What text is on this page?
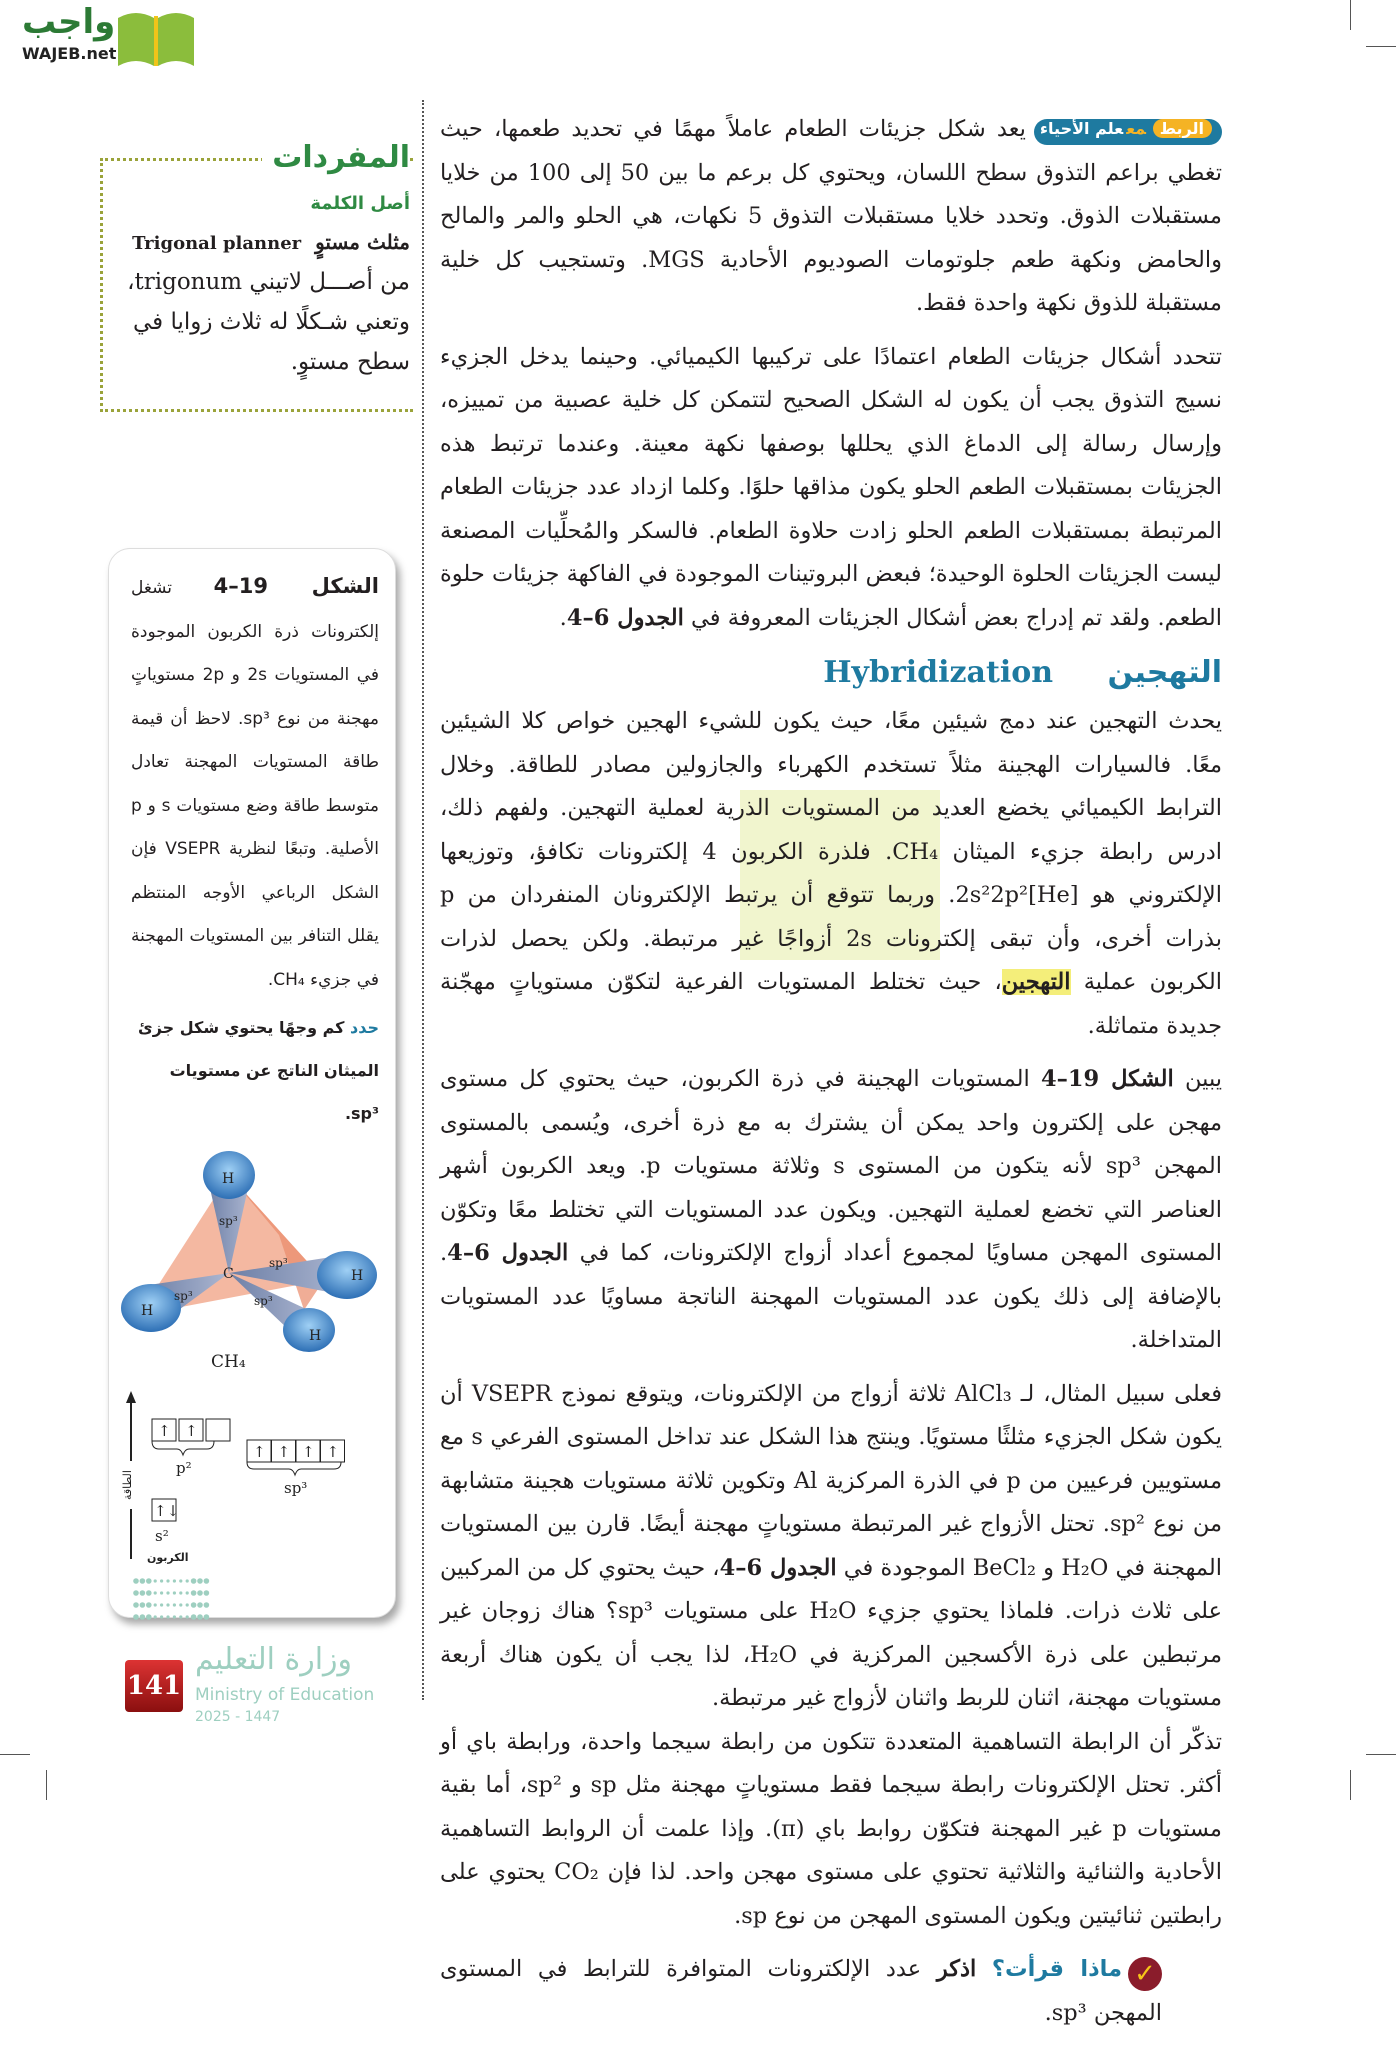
واجب
WAJEB.net
المفردات
أصل الكلمة
مثلث مستوٍ  Trigonal planner
من أصـــل لاتيني trigonum، وتعني شـكلًا له ثلاث زوايا في سطح مستوٍ.

الربطمععلم الأحياءيعد شكل جزيئات الطعام عاملاً مهمًا في تحديد طعمها، حيث تغطي براعم التذوق سطح اللسان، ويحتوي كل برعم ما بين 50 إلى 100 من خلايا مستقبلات الذوق. وتحدد خلايا مستقبلات التذوق 5 نكهات، هي الحلو والمر والمالح والحامض ونكهة طعم جلوتومات الصوديوم الأحادية MGS. وتستجيب كل خلية مستقبلة للذوق نكهة واحدة فقط.

تتحدد أشكال جزيئات الطعام اعتمادًا على تركيبها الكيميائي. وحينما يدخل الجزيء نسيج التذوق يجب أن يكون له الشكل الصحيح لتتمكن كل خلية عصبية من تمييزه، وإرسال رسالة إلى الدماغ الذي يحللها بوصفها نكهة معينة. وعندما ترتبط هذه الجزيئات بمستقبلات الطعم الحلو يكون مذاقها حلوًا. وكلما ازداد عدد جزيئات الطعام المرتبطة بمستقبلات الطعم الحلو زادت حلاوة الطعام. فالسكر والمُحلِّيات المصنعة ليست الجزيئات الحلوة الوحيدة؛ فبعض البروتينات الموجودة في الفاكهة جزيئات حلوة الطعم. ولقد تم إدراج بعض أشكال الجزيئات المعروفة في الجدول 6–4.

التهجين Hybridization

يحدث التهجين عند دمج شيئين معًا، حيث يكون للشيء الهجين خواص كلا الشيئين معًا. فالسيارات الهجينة مثلاً تستخدم الكهرباء والجازولين مصادر للطاقة. وخلال الترابط الكيميائي يخضع العديد من المستويات الذرية لعملية التهجين. ولفهم ذلك، ادرس رابطة جزيء الميثان CH₄. فلذرة الكربون 4 إلكترونات تكافؤ، وتوزيعها الإلكتروني هو [He]2s²2p². وربما تتوقع أن يرتبط الإلكترونان المنفردان من p بذرات أخرى، وأن تبقى إلكترونات 2s أزواجًا غير مرتبطة. ولكن يحصل لذرات الكربون عملية التهجين، حيث تختلط المستويات الفرعية لتكوّن مستوياتٍ مهجّنة جديدة متماثلة.

يبين الشكل 19–4 المستويات الهجينة في ذرة الكربون، حيث يحتوي كل مستوى مهجن على إلكترون واحد يمكن أن يشترك به مع ذرة أخرى، ويُسمى بالمستوى المهجن sp³ لأنه يتكون من المستوى s وثلاثة مستويات p. ويعد الكربون أشهر العناصر التي تخضع لعملية التهجين. ويكون عدد المستويات التي تختلط معًا وتكوّن المستوى المهجن مساويًا لمجموع أعداد أزواج الإلكترونات، كما في الجدول 6–4. بالإضافة إلى ذلك يكون عدد المستويات المهجنة الناتجة مساويًا عدد المستويات المتداخلة.

فعلى سبيل المثال، لـ AlCl₃ ثلاثة أزواج من الإلكترونات، ويتوقع نموذج VSEPR أن يكون شكل الجزيء مثلثًا مستويًا. وينتج هذا الشكل عند تداخل المستوى الفرعي s مع مستويين فرعيين من p في الذرة المركزية Al وتكوين ثلاثة مستويات هجينة متشابهة من نوع sp². تحتل الأزواج غير المرتبطة مستوياتٍ مهجنة أيضًا. قارن بين المستويات المهجنة في H₂O و BeCl₂ الموجودة في الجدول 6–4، حيث يحتوي كل من المركبين على ثلاث ذرات. فلماذا يحتوي جزيء H₂O على مستويات sp³؟ هناك زوجان غير مرتبطين على ذرة الأكسجين المركزية في H₂O، لذا يجب أن يكون هناك أربعة مستويات مهجنة، اثنان للربط واثنان لأزواج غير مرتبطة.

تذكّر أن الرابطة التساهمية المتعددة تتكون من رابطة سيجما واحدة، ورابطة باي أو أكثر. تحتل الإلكترونات رابطة سيجما فقط مستوياتٍ مهجنة مثل sp و sp²، أما بقية مستويات p غير المهجنة فتكوّن روابط باي (π). وإذا علمت أن الروابط التساهمية الأحادية والثنائية والثلاثية تحتوي على مستوى مهجن واحد. لذا فإن CO₂ يحتوي على رابطتين ثنائيتين ويكون المستوى المهجن من نوع sp.

✓ماذا قرأت؟ اذكر عدد الإلكترونات المتوافرة للترابط في المستوى المهجن sp³.

الشكل 19–4 تشغل إلكترونات ذرة الكربون الموجودة في المستويات 2s و 2p مستوياتٍ مهجنة من نوع sp³. لاحظ أن قيمة طاقة المستويات المهجنة تعادل متوسط طاقة وضع مستويات s و p الأصلية. وتبعًا لنظرية VSEPR فإن الشكل الرباعي الأوجه المنتظم يقلل التنافر بين المستويات المهجنة في جزيء CH₄.
حدد كم وجهًا يحتوي شكل جزئ الميثان الناتج عن مستويات sp³.
H
H
H
H
C
sp³
sp³
sp³
sp³
CH₄
الطاقة
↑ ↑
↑ ↑ ↑ ↑
p²
sp³
↑↓
s²
الكربون
141
وزارة التعليم
Ministry of Education
2025 - 1447
